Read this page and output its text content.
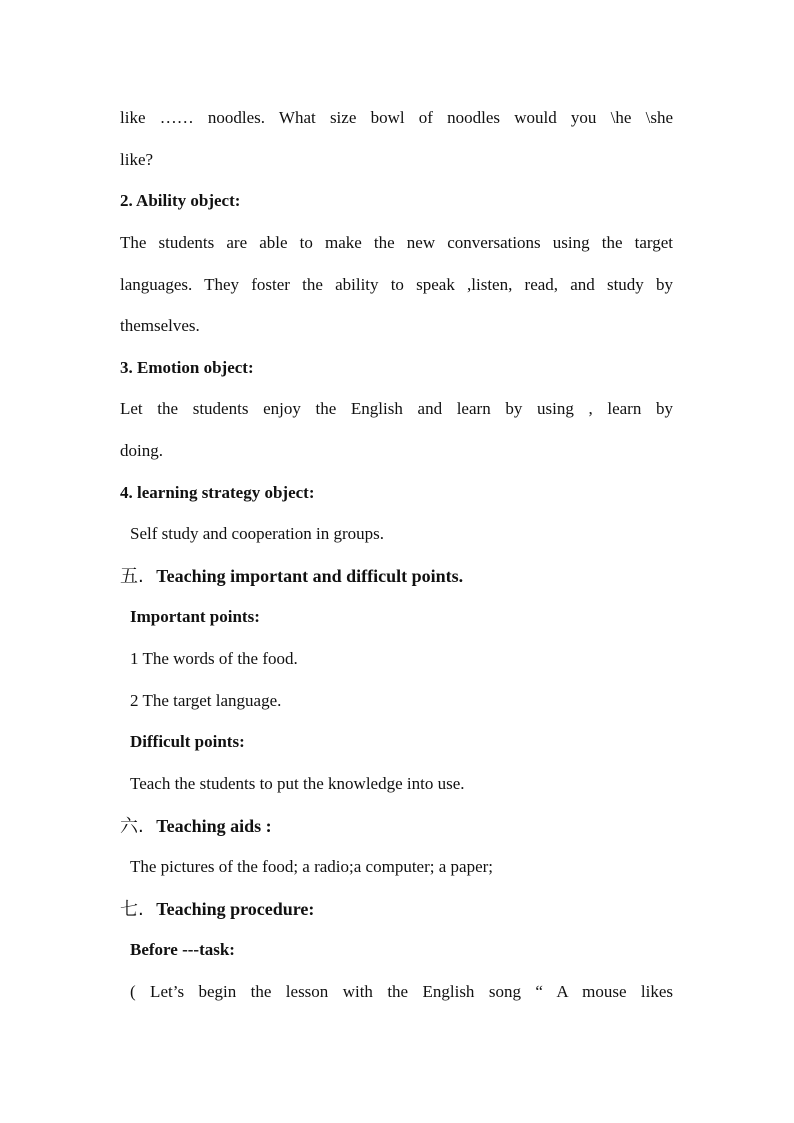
like …… noodles. What size bowl of noodles would you \he \she
like?
2. Ability object:
The students are able to make the new conversations using the target
languages. They foster the ability to speak ,listen, read, and study by
themselves.
3. Emotion object:
Let the students enjoy the English and learn by using , learn by
doing.
4. learning strategy object:
Self study and cooperation in groups.
五. Teaching important and difficult points.
Important points:
1 The words of the food.
2 The target language.
Difficult points:
Teach the students to put the knowledge into use.
六. Teaching aids :
The pictures of the food; a radio;a computer; a paper;
七. Teaching procedure:
Before ---task:
( Let’s begin the lesson with the English song “ A mouse likes
